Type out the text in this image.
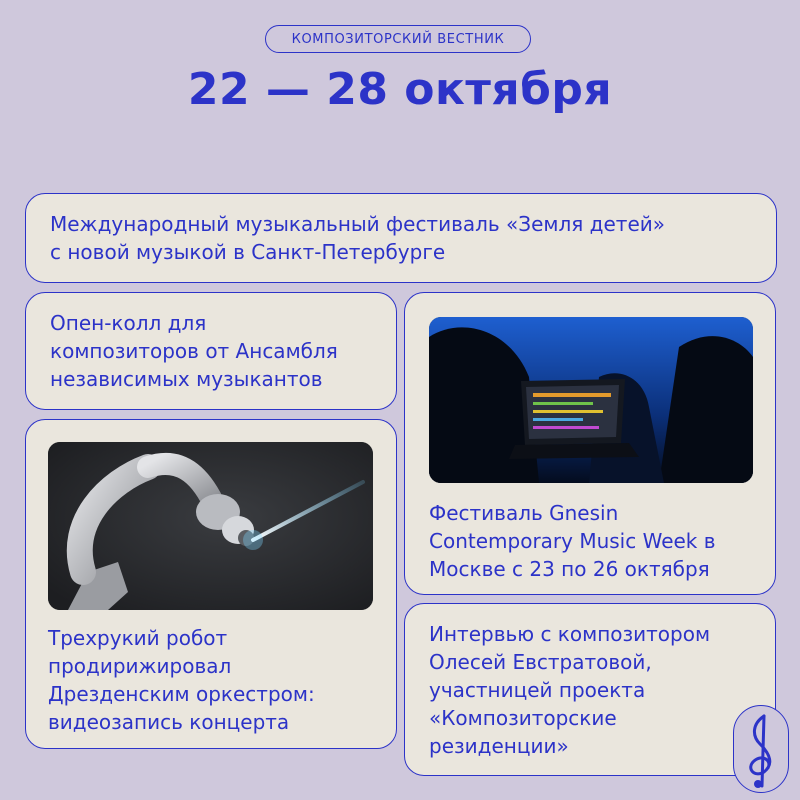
КОМПОЗИТОРСКИЙ ВЕСТНИК
22 — 28 октября
Международный музыкальный фестиваль «Земля детей»
с новой музыкой в Санкт-Петербурге
Опен-колл для
композиторов от Ансамбля
независимых музыкантов
Трехрукий робот
продирижировал
Дрезденским оркестром:
видеозапись концерта
Фестиваль Gnesin
Contemporary Music Week в
Москве с 23 по 26 октября
Интервью с композитором
Олесей Евстратовой,
участницей проекта
«Композиторские
резиденции»
